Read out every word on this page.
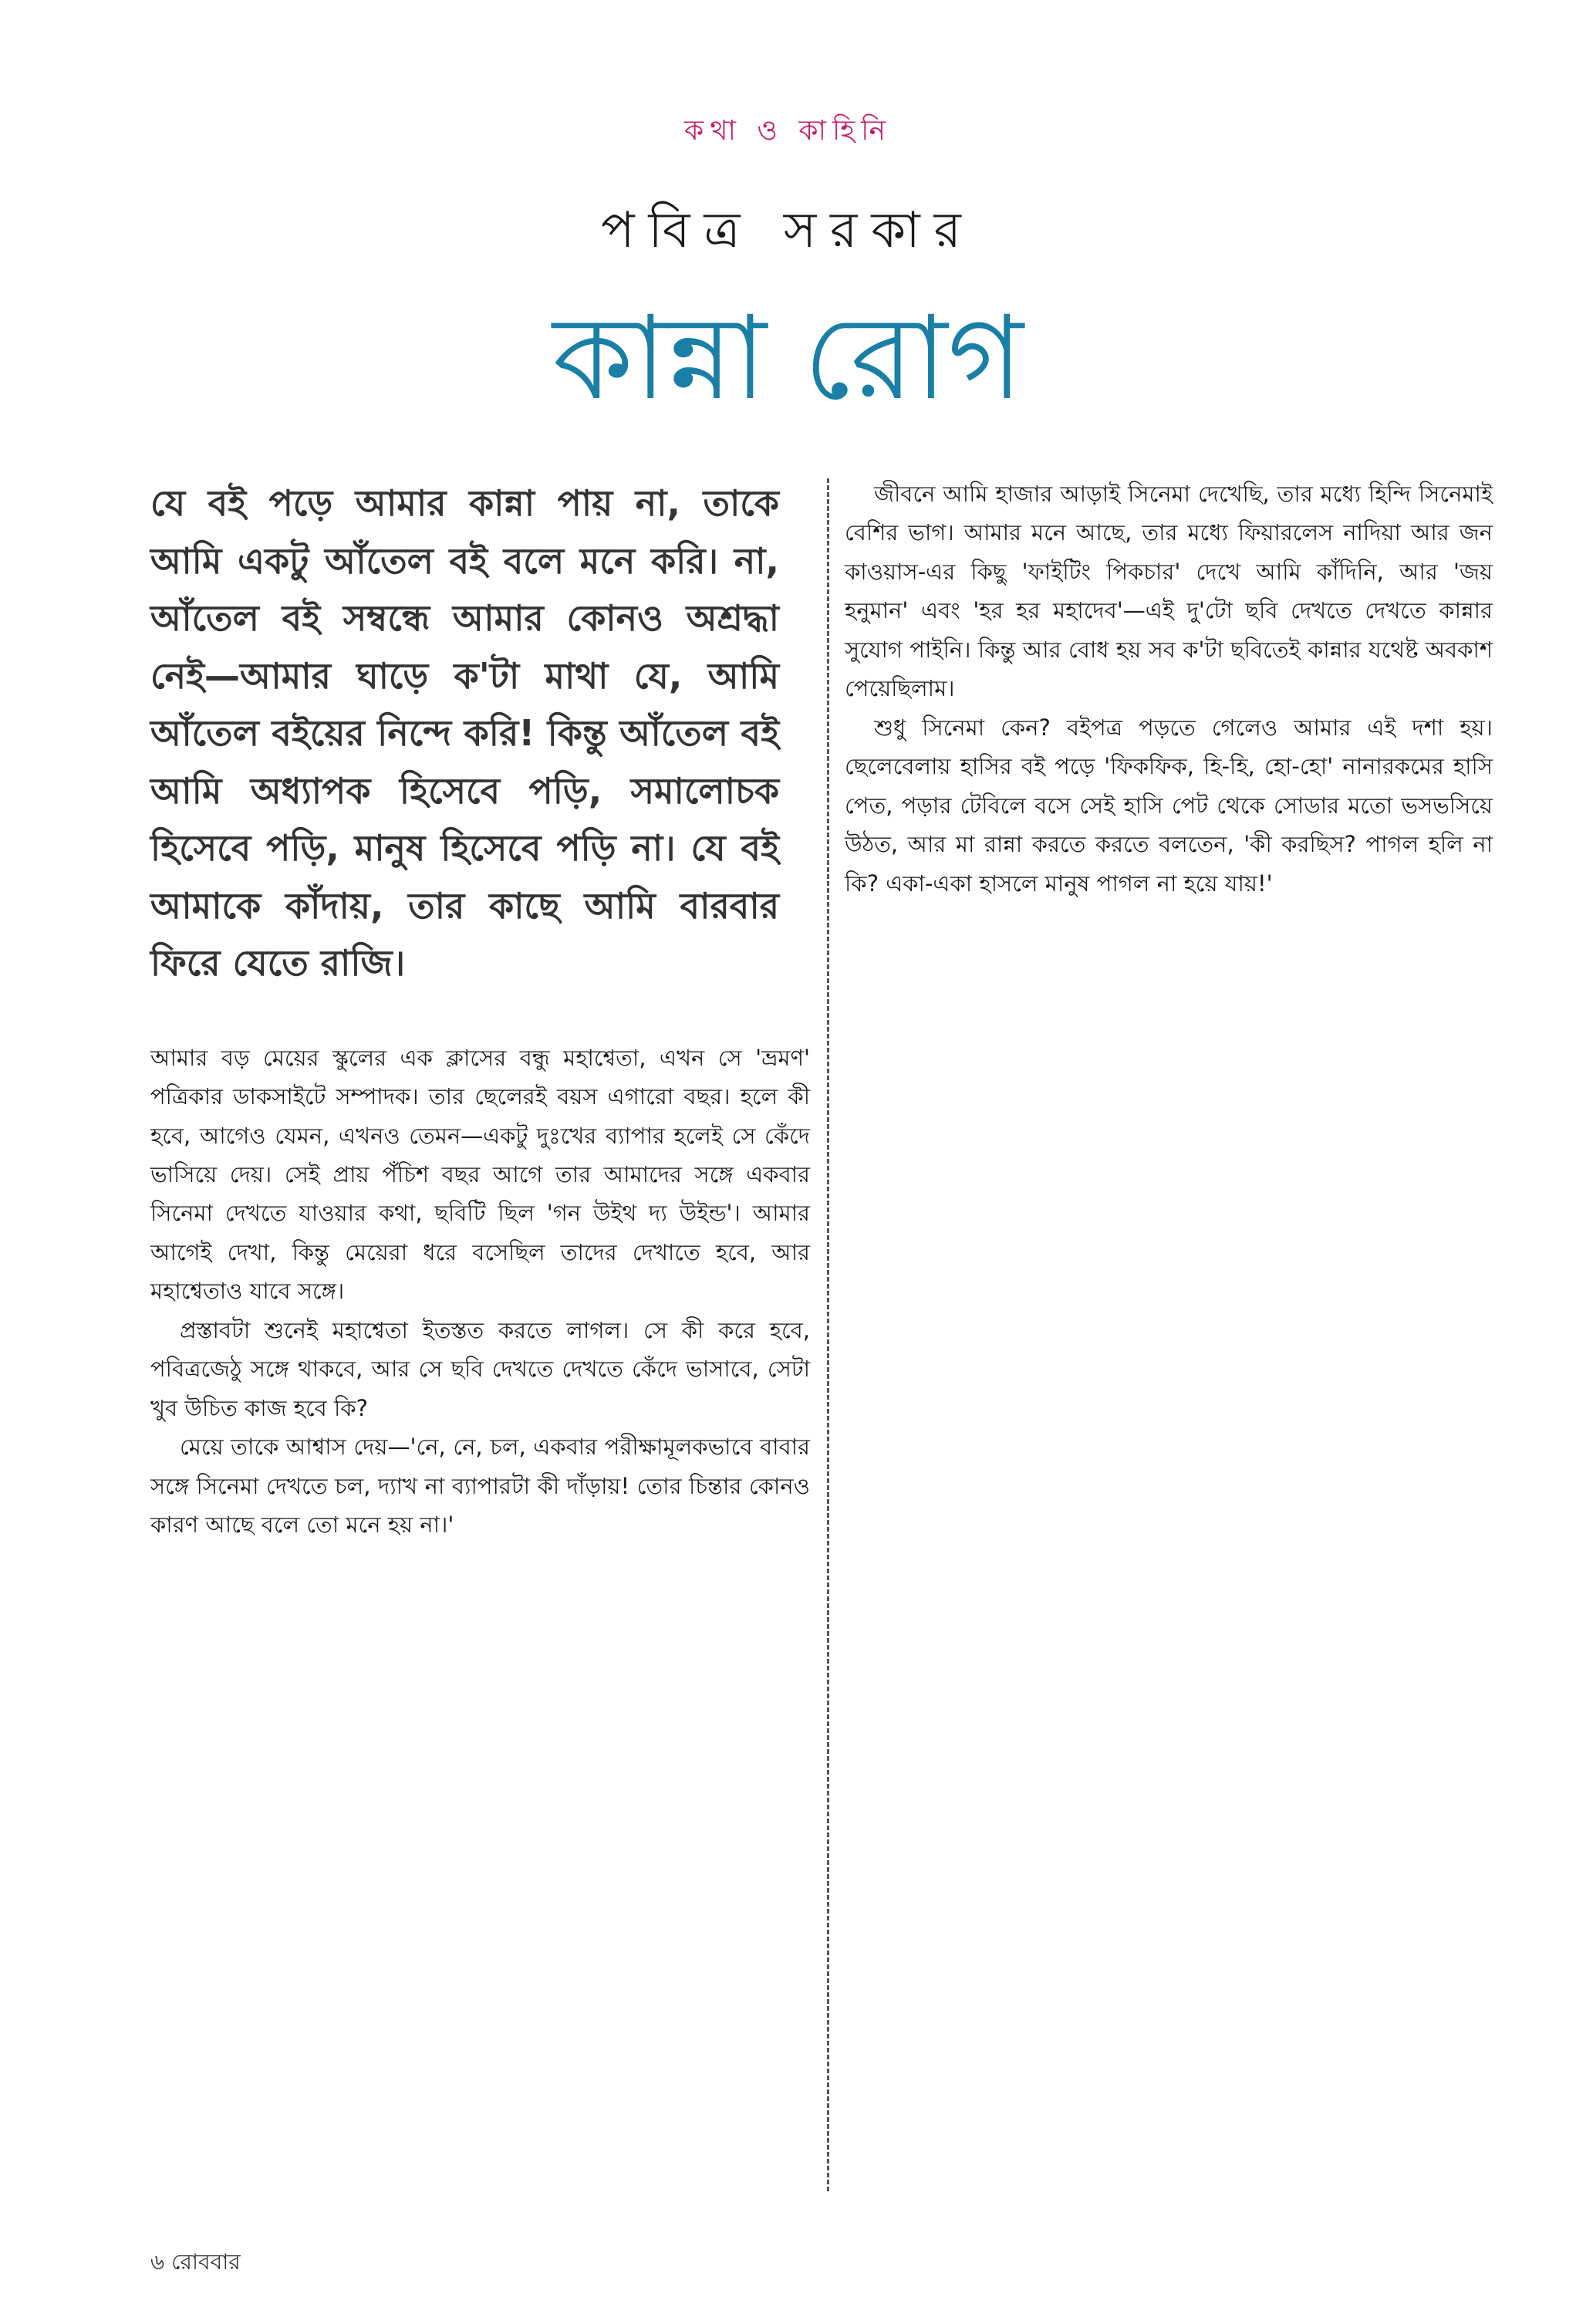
কথা ও কাহিনি
পবিত্র সরকার
কান্না রোগ

যে বই পড়ে আমার কান্না পায় না, তাকে আমি একটু আঁতেল বই বলে মনে করি। না, আঁতেল বই সম্বন্ধে আমার কোনও অশ্রদ্ধা নেই—আমার ঘাড়ে ক'টা মাথা যে, আমি আঁতেল বইয়ের নিন্দে করি! কিন্তু আঁতেল বই আমি অধ্যাপক হিসেবে পড়ি, সমালোচক হিসেবে পড়ি, মানুষ হিসেবে পড়ি না। যে বই আমাকে কাঁদায়, তার কাছে আমি বারবার ফিরে যেতে রাজি।

আমার বড় মেয়ের স্কুলের এক ক্লাসের বন্ধু মহাশ্বেতা, এখন সে 'ভ্রমণ' পত্রিকার ডাকসাইটে সম্পাদক। তার ছেলেরই বয়স এগারো বছর। হলে কী হবে, আগেও যেমন, এখনও তেমন—একটু দুঃখের ব্যাপার হলেই সে কেঁদে ভাসিয়ে দেয়। সেই প্রায় পঁচিশ বছর আগে তার আমাদের সঙ্গে একবার সিনেমা দেখতে যাওয়ার কথা, ছবিটি ছিল 'গন উইথ দ্য উইন্ড'। আমার আগেই দেখা, কিন্তু মেয়েরা ধরে বসেছিল তাদের দেখাতে হবে, আর মহাশ্বেতাও যাবে সঙ্গে।

প্রস্তাবটা শুনেই মহাশ্বেতা ইতস্তত করতে লাগল। সে কী করে হবে, পবিত্রজেঠু সঙ্গে থাকবে, আর সে ছবি দেখতে দেখতে কেঁদে ভাসাবে, সেটা খুব উচিত কাজ হবে কি?

মেয়ে তাকে আশ্বাস দেয়—'নে, নে, চল, একবার পরীক্ষামূলকভাবে বাবার সঙ্গে সিনেমা দেখতে চল, দ্যাখ না ব্যাপারটা কী দাঁড়ায়! তোর চিন্তার কোনও কারণ আছে বলে তো মনে হয় না।'

জীবনে আমি হাজার আড়াই সিনেমা দেখেছি, তার মধ্যে হিন্দি সিনেমাই বেশির ভাগ। আমার মনে আছে, তার মধ্যে ফিয়ারলেস নাদিয়া আর জন কাওয়াস-এর কিছু 'ফাইটিং পিকচার' দেখে আমি কাঁদিনি, আর 'জয় হনুমান' এবং 'হর হর মহাদেব'—এই দু'টো ছবি দেখতে দেখতে কান্নার সুযোগ পাইনি। কিন্তু আর বোধ হয় সব ক'টা ছবিতেই কান্নার যথেষ্ট অবকাশ পেয়েছিলাম।

শুধু সিনেমা কেন? বইপত্র পড়তে গেলেও আমার এই দশা হয়। ছেলেবেলায় হাসির বই পড়ে 'ফিকফিক, হি-হি, হো-হো' নানারকমের হাসি পেত, পড়ার টেবিলে বসে সেই হাসি পেট থেকে সোডার মতো ভসভসিয়ে উঠত, আর মা রান্না করতে করতে বলতেন, 'কী করছিস? পাগল হলি না কি? একা-একা হাসলে মানুষ পাগল না হয়ে যায়!'

৬ রোববার
